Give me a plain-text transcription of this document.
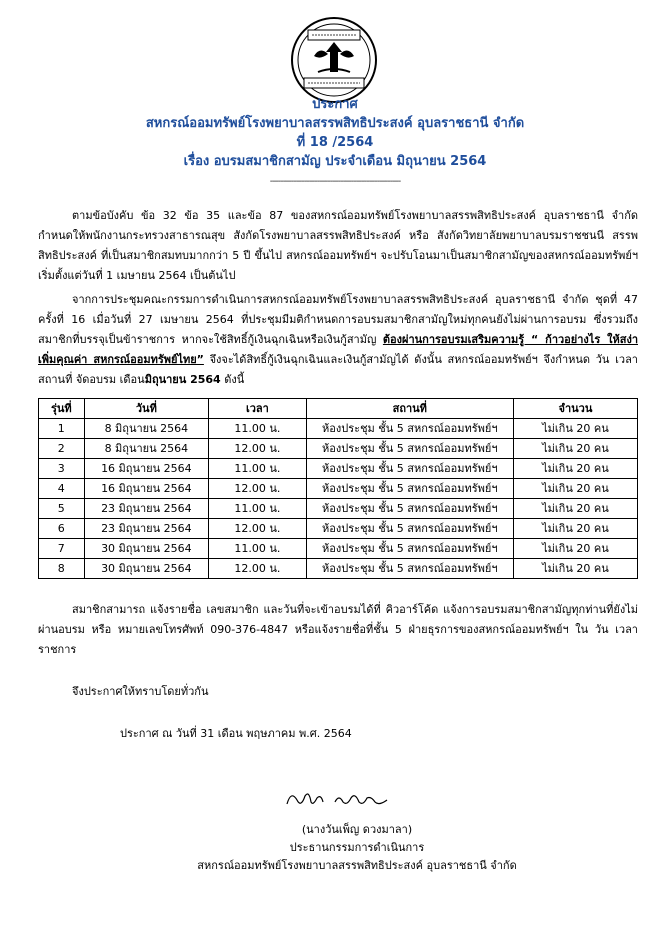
ประกาศ
สหกรณ์ออมทรัพย์โรงพยาบาลสรรพสิทธิประสงค์ อุบลราชธานี จำกัด
ที่ 18 /2564
เรื่อง อบรมสมาชิกสามัญ ประจำเดือน มิถุนายน 2564
--------------------------------------------------
ตามข้อบังคับ ข้อ 32 ข้อ 35 และข้อ 87 ของสหกรณ์ออมทรัพย์โรงพยาบาลสรรพสิทธิประสงค์ อุบลราชธานี จำกัด กำหนดให้พนักงานกระทรวงสาธารณสุข สังกัดโรงพยาบาลสรรพสิทธิประสงค์ หรือ สังกัดวิทยาลัยพยาบาลบรมราชชนนี สรรพสิทธิประสงค์ ที่เป็นสมาชิกสมทบมากกว่า 5 ปี ขึ้นไป สหกรณ์ออมทรัพย์ฯ จะปรับโอนมาเป็นสมาชิกสามัญของสหกรณ์ออมทรัพย์ฯ เริ่มตั้งแต่วันที่ 1 เมษายน 2564 เป็นต้นไป
จากการประชุมคณะกรรมการดำเนินการสหกรณ์ออมทรัพย์โรงพยาบาลสรรพสิทธิประสงค์ อุบลราชธานี จำกัด ชุดที่ 47 ครั้งที่ 16 เมื่อวันที่ 27 เมษายน 2564 ที่ประชุมมีมติกำหนดการอบรมสมาชิกสามัญใหม่ทุกคนยังไม่ผ่านการอบรม ซึ่งรวมถึงสมาชิกที่บรรจุเป็นข้าราชการ หากจะใช้สิทธิ์กู้เงินฉุกเฉินหรือเงินกู้สามัญ ต้องผ่านการอบรมเสริมความรู้ “ ก้าวอย่างไร ให้สง่า เพิ่มคุณค่า สหกรณ์ออมทรัพย์ไทย” จึงจะได้สิทธิ์กู้เงินฉุกเฉินและเงินกู้สามัญได้ ดังนั้น สหกรณ์ออมทรัพย์ฯ จึงกำหนด วัน เวลา สถานที่ จัดอบรม เดือนมิถุนายน 2564 ดังนี้
รุ่นที่	วันที่	เวลา	สถานที่	จำนวน
1	8 มิถุนายน 2564	11.00 น.	ห้องประชุม ชั้น 5 สหกรณ์ออมทรัพย์ฯ	ไม่เกิน 20 คน
2	8 มิถุนายน 2564	12.00 น.	ห้องประชุม ชั้น 5 สหกรณ์ออมทรัพย์ฯ	ไม่เกิน 20 คน
3	16 มิถุนายน 2564	11.00 น.	ห้องประชุม ชั้น 5 สหกรณ์ออมทรัพย์ฯ	ไม่เกิน 20 คน
4	16 มิถุนายน 2564	12.00 น.	ห้องประชุม ชั้น 5 สหกรณ์ออมทรัพย์ฯ	ไม่เกิน 20 คน
5	23 มิถุนายน 2564	11.00 น.	ห้องประชุม ชั้น 5 สหกรณ์ออมทรัพย์ฯ	ไม่เกิน 20 คน
6	23 มิถุนายน 2564	12.00 น.	ห้องประชุม ชั้น 5 สหกรณ์ออมทรัพย์ฯ	ไม่เกิน 20 คน
7	30 มิถุนายน 2564	11.00 น.	ห้องประชุม ชั้น 5 สหกรณ์ออมทรัพย์ฯ	ไม่เกิน 20 คน
8	30 มิถุนายน 2564	12.00 น.	ห้องประชุม ชั้น 5 สหกรณ์ออมทรัพย์ฯ	ไม่เกิน 20 คน
สมาชิกสามารถ แจ้งรายชื่อ เลขสมาชิก และวันที่จะเข้าอบรมได้ที่ คิวอาร์โค้ด แจ้งการอบรมสมาชิกสามัญทุกท่านที่ยังไม่ผ่านอบรม หรือ หมายเลขโทรศัพท์ 090-376-4847 หรือแจ้งรายชื่อที่ชั้น 5 ฝ่ายธุรการของสหกรณ์ออมทรัพย์ฯ ใน วัน เวลา ราชการ
จึงประกาศให้ทราบโดยทั่วกัน
ประกาศ ณ วันที่ 31 เดือน พฤษภาคม พ.ศ. 2564
(นางวันเพ็ญ ดวงมาลา)
ประธานกรรมการดำเนินการ
สหกรณ์ออมทรัพย์โรงพยาบาลสรรพสิทธิประสงค์ อุบลราชธานี จำกัด
